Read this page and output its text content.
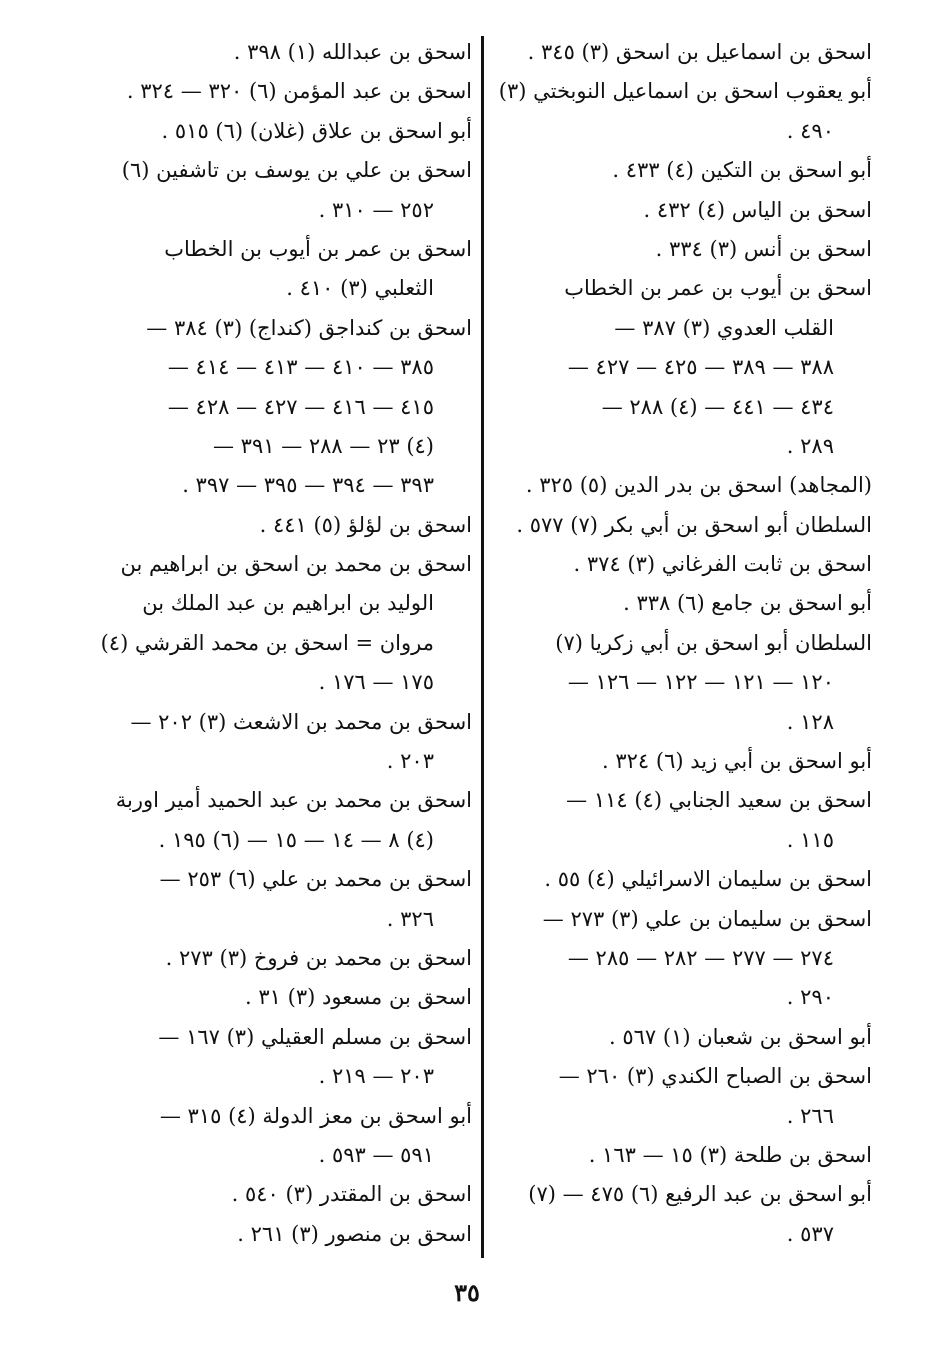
اسحق بن اسماعيل بن اسحق (٣) ٣٤٥ .
أبو يعقوب اسحق بن اسماعيل النوبختي (٣)
٤٩٠ .
أبو اسحق بن التكين (٤) ٤٣٣ .
اسحق بن الياس (٤) ٤٣٢ .
اسحق بن أنس (٣) ٣٣٤ .
اسحق بن أيوب بن عمر بن الخطاب
القلب العدوي (٣) ٣٨٧ —
٣٨٨ — ٣٨٩ — ٤٢٥ — ٤٢٧ —
٤٣٤ — ٤٤١ — (٤) ٢٨٨ —
٢٨٩ .
(المجاهد) اسحق بن بدر الدين (٥) ٣٢٥ .
السلطان أبو اسحق بن أبي بكر (٧) ٥٧٧ .
اسحق بن ثابت الفرغاني (٣) ٣٧٤ .
أبو اسحق بن جامع (٦) ٣٣٨ .
السلطان أبو اسحق بن أبي زكريا (٧)
١٢٠ — ١٢١ — ١٢٢ — ١٢٦ —
١٢٨ .
أبو اسحق بن أبي زيد (٦) ٣٢٤ .
اسحق بن سعيد الجنابي (٤) ١١٤ —
١١٥ .
اسحق بن سليمان الاسرائيلي (٤) ٥٥ .
اسحق بن سليمان بن علي (٣) ٢٧٣ —
٢٧٤ — ٢٧٧ — ٢٨٢ — ٢٨٥ —
٢٩٠ .
أبو اسحق بن شعبان (١) ٥٦٧ .
اسحق بن الصباح الكندي (٣) ٢٦٠ —
٢٦٦ .
اسحق بن طلحة (٣) ١٥ — ١٦٣ .
أبو اسحق بن عبد الرفيع (٦) ٤٧٥ — (٧)
٥٣٧ .
اسحق بن عبدالله (١) ٣٩٨ .
اسحق بن عبد المؤمن (٦) ٣٢٠ — ٣٢٤ .
أبو اسحق بن علاق (غلان) (٦) ٥١٥ .
اسحق بن علي بن يوسف بن تاشفين (٦)
٢٥٢ — ٣١٠ .
اسحق بن عمر بن أيوب بن الخطاب
الثعلبي (٣) ٤١٠ .
اسحق بن كنداجق (كنداج) (٣) ٣٨٤ —
٣٨٥ — ٤١٠ — ٤١٣ — ٤١٤ —
٤١٥ — ٤١٦ — ٤٢٧ — ٤٢٨ —
(٤) ٢٣ — ٢٨٨ — ٣٩١ —
٣٩٣ — ٣٩٤ — ٣٩٥ — ٣٩٧ .
اسحق بن لؤلؤ (٥) ٤٤١ .
اسحق بن محمد بن اسحق بن ابراهيم بن
الوليد بن ابراهيم بن عبد الملك بن
مروان = اسحق بن محمد القرشي (٤)
١٧٥ — ١٧٦ .
اسحق بن محمد بن الاشعث (٣) ٢٠٢ —
٢٠٣ .
اسحق بن محمد بن عبد الحميد أمير اوربة
(٤) ٨ — ١٤ — ١٥ — (٦) ١٩٥ .
اسحق بن محمد بن علي (٦) ٢٥٣ —
٣٢٦ .
اسحق بن محمد بن فروخ (٣) ٢٧٣ .
اسحق بن مسعود (٣) ٣١ .
اسحق بن مسلم العقيلي (٣) ١٦٧ —
٢٠٣ — ٢١٩ .
أبو اسحق بن معز الدولة (٤) ٣١٥ —
٥٩١ — ٥٩٣ .
اسحق بن المقتدر (٣) ٥٤٠ .
اسحق بن منصور (٣) ٢٦١ .
٣٥
